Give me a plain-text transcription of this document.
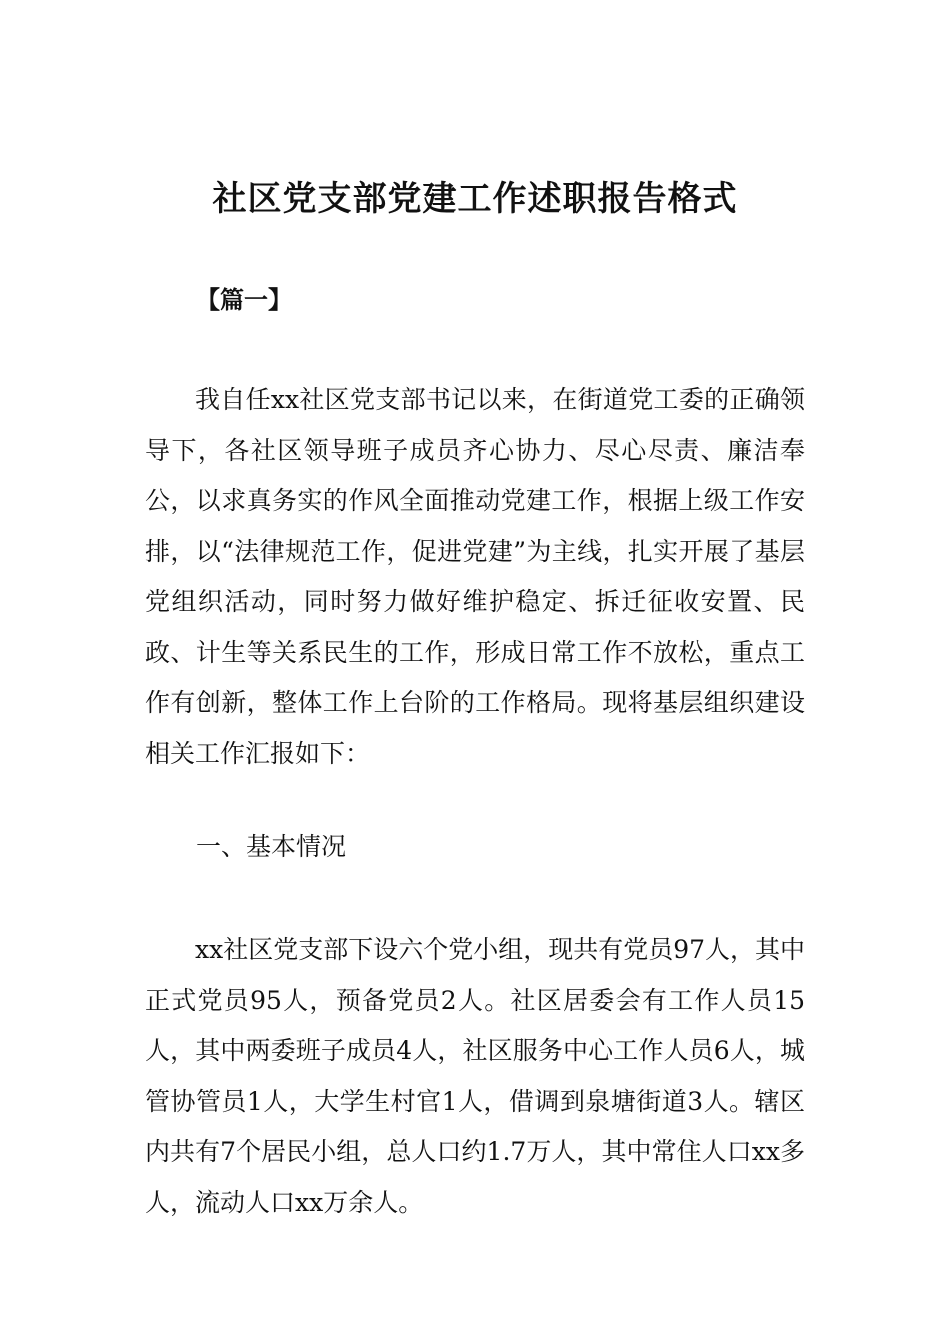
社区党支部党建工作述职报告格式
【篇一】

我自任xx社区党支部书记以来，在街道党工委的正确领导下，各社区领导班子成员齐心协力、尽心尽责、廉洁奉公，以求真务实的作风全面推动党建工作，根据上级工作安排，以“法律规范工作，促进党建”为主线，扎实开展了基层党组织活动，同时努力做好维护稳定、拆迁征收安置、民政、计生等关系民生的工作，形成日常工作不放松，重点工作有创新，整体工作上台阶的工作格局。现将基层组织建设相关工作汇报如下：

一、基本情况

xx社区党支部下设六个党小组，现共有党员97人，其中正式党员95人，预备党员2人。社区居委会有工作人员15人，其中两委班子成员4人，社区服务中心工作人员6人，城管协管员1人，大学生村官1人，借调到泉塘街道3人。辖区内共有7个居民小组，总人口约1.7万人，其中常住人口xx多人，流动人口xx万余人。
